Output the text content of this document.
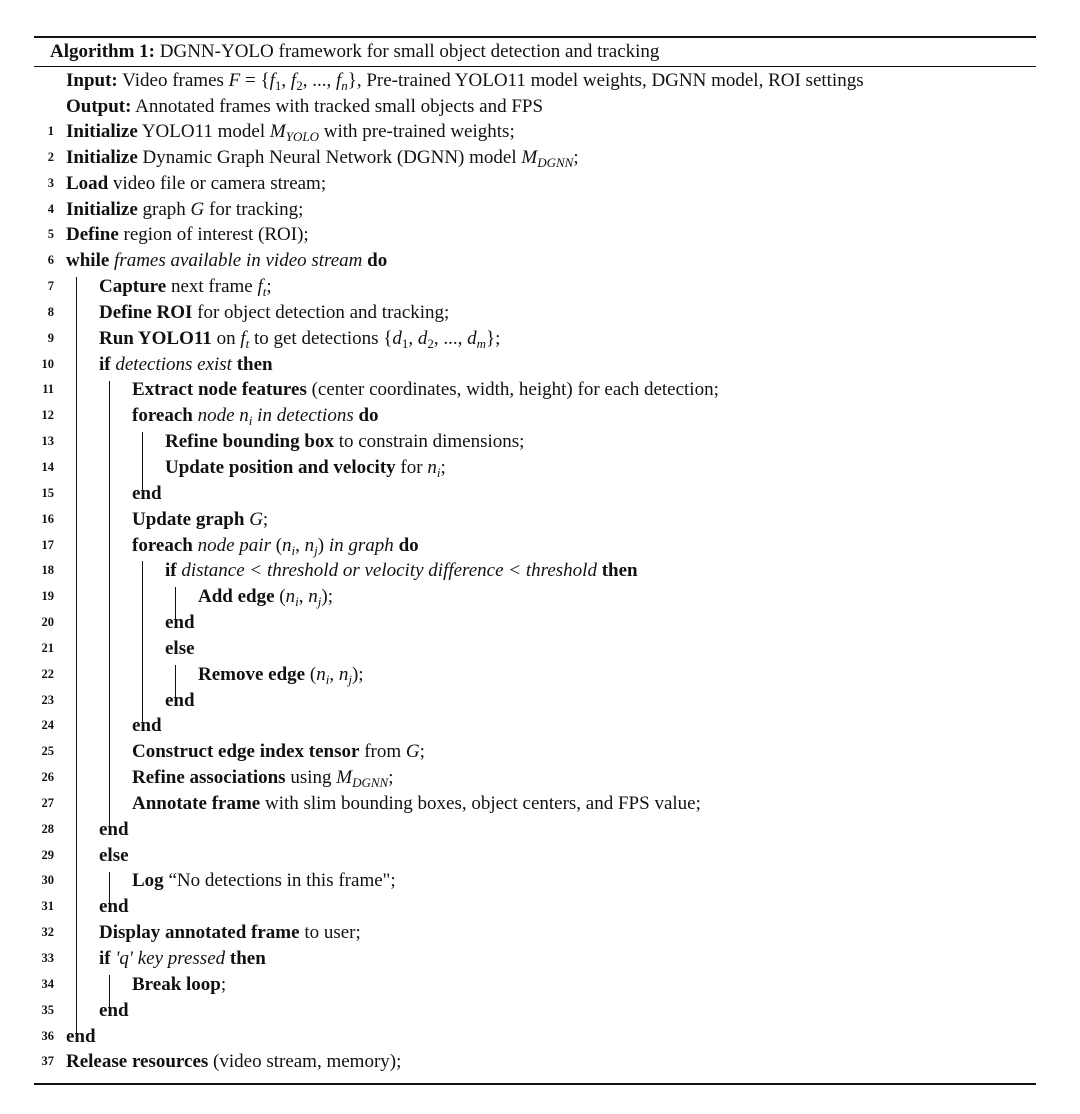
Algorithm 1: DGNN-YOLO framework for small object detection and tracking
Input: Video frames $F = \{f_1$, $f_2$, ..., $f_n$}, Pre-trained YOLO11 model weights, DGNN model, ROI settings
Output: Annotated frames with tracked small objects and FPS
1 Initialize YOLO11 model $M_{YOLO}$ with pre-trained weights;
2 Initialize Dynamic Graph Neural Network (DGNN) model $M_{DGNN}$;
3 Load video file or camera stream;
4 Initialize graph G for tracking;
5 Define region of interest (ROI);
6 while frames available in video stream do
7 Capture next frame $f_t$;
8 Define ROI for object detection and tracking;
9 Run YOLO11 on $f_t$ to get detections {$d_1$, $d_2$, ..., $d_m$};
10 if detections exist then
11	Extract node features (center coordinates, width, height) for each detection;
12	foreach node $n_i$ in detections do
13	Refine bounding box to constrain dimensions;
14	Update position and velocity for $n_i$;
15	end
16	Update graph G;
17	foreach node pair ($n_i$, $n_j$) in graph do
18	if distance < threshold or velocity difference < threshold then
19	Add edge ($n_i$, $n_j$);
20	end
21	else
22	Remove edge ($n_i$, $n_j$);
23	end
24	end
25	Construct edge index tensor from G;
26	Refine associations using $M_{DGNN}$;
27	Annotate frame with slim bounding boxes, object centers, and FPS value;
28 end
29 else
30	Log “No detections in this frame";
31 end
32 Display annotated frame to user;
33 if 'q' key pressed then
34	Break loop;
35 end
36 end
37 Release resources (video stream, memory);
